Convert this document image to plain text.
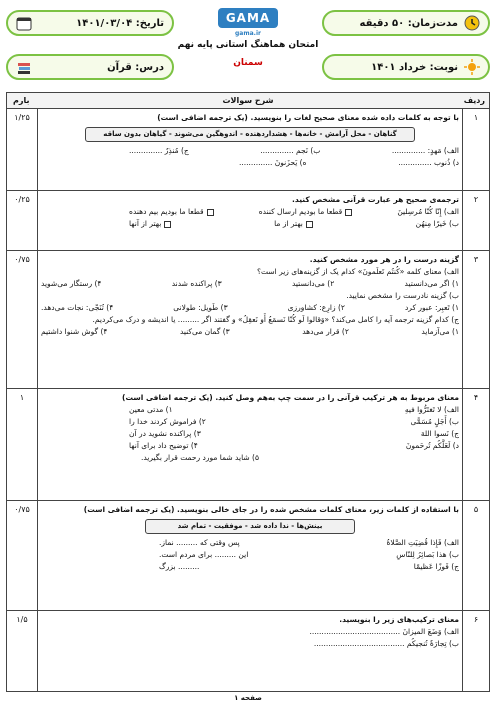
مدت‌زمان: ۵۰ دقیقه
تاریخ: ۱۴۰۱/۰۳/۰۴
نوبت: خرداد ۱۴۰۱
درس: قرآن
GAMA
gama.ir
امتحان هماهنگ استانی پایه نهم
سمنان
ردیف
شرح سوالات
بارم
۱
۱/۲۵	با توجه به کلمات داده شده معنای صحیح لغات را بنویسید. (یک ترجمه اضافی است)
گناهان - محل آرامش - خانه‌ها - هشداردهنده - اندوهگین می‌شوند - گیاهان بدون ساقه
الف) مَهدٍ: ..............
ب) نَجم ..............
ج) مُنذِرٌ ..............
د) ذُنوب ..............
ه) یَحزَنونَ ..............
۲
۰/۲۵	ترجمه‌ی صحیح هر عبارت قرآنی مشخص کنید.
الف) إِنّا کُنّا مُرسِلینَ
قطعا ما بودیم ارسال کننده
قطعا ما بودیم بیم دهنده
ب) خَیرًا مِنهُن
بهتر از ما
بهتر از آنها
۳
۰/۷۵	گزینه درست را در هر مورد مشخص کنید.
الف) معنای کلمه «کُنتُم تَعلَمونَ» کدام یک از گزینه‌های زیر است؟
۱) اگر می‌دانستید
۲) می‌دانستید
۳) پراکنده شدند
۴) رستگار می‌شوید
ب) گزینه نادرست را مشخص نمایید.
۱) تَعبِر: عبور کرد
۲) زارِع: کشاورزی
۳) طَویل: طولانی
۴) تُنَجّی: نجات می‌دهد.
ج) کدام گزینه ترجمه آیه را کامل می‌کند؟ «وَقالوا لَو کُنّا نَسمَعُ أَو نَعقِلُ» و گفتند اگر ......... یا اندیشه و درک می‌کردیم.
۱) می‌آزماید
۲) قرار می‌دهد
۳) گمان می‌کنید
۴) گوش شنوا داشتیم
۴
۱	معنای مربوط به هر ترکیب قرآنی را در سمت چپ به‌هم وصل کنید. (یک ترجمه اضافی است)
الف) لا تَغتَرُّوا فیهِ
۱) مدتی معین
ب) أَجَلٍ مُسَمًّی
۲) فراموش کردند خدا را
ج) نَسوا اللهَ
۳) پراکنده نشوید در آن
د) لَعَلَّکُم تُرحَمونَ
۴) توضیح داد برای آنها
۵) شاید شما مورد رحمت قرار بگیرید.
۵
۰/۷۵	با استفاده از کلمات زیر، معنای کلمات مشخص شده را در جای خالی بنویسید. (یک ترجمه اضافی است)
بینش‌ها - ندا داده شد - موفقیت - تمام شد
الف) فَإِذا قُضِیَتِ الصَّلاةُ
پس وقتی که ......... نماز.
ب) هذا بَصائِرُ لِلنّاسِ
این ......... برای مردم است.
ج) فَوزًا عَظیمًا
......... بزرگ
۶
۱/۵	معنای ترکیب‌های زیر را بنویسید.
الف) وَضَعَ المیزانَ ......................................
ب) تِجارَةٌ تُنجیکُم ......................................
صفحه ۱
